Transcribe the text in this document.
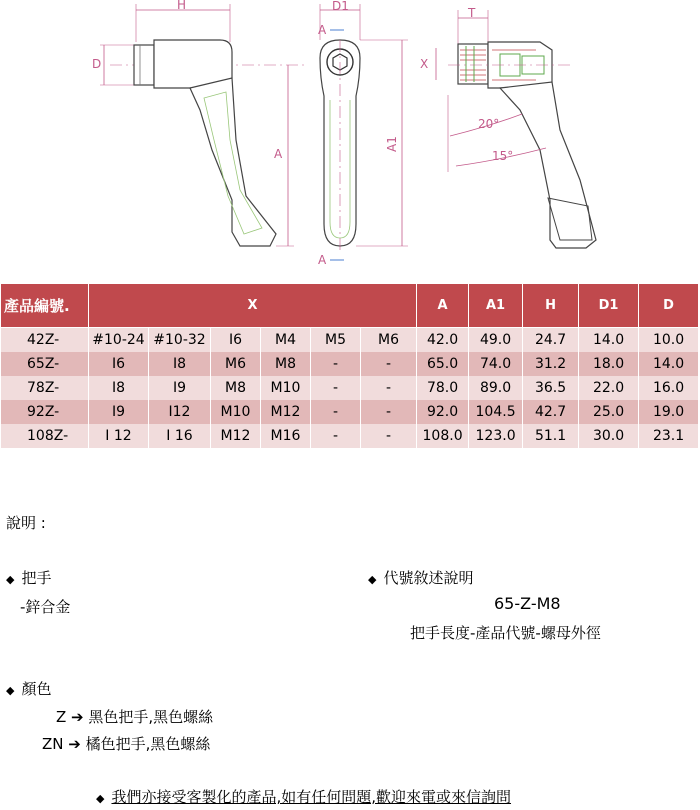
H
D
A
D1
A
A
A1
T
X
20°
15°
產品編號.	X						A	A1	H	D1	D
42Z-	#10-24	#10-32	I6	M4	M5	M6	42.0	49.0	24.7	14.0	10.0
65Z-	I6	I8	M6	M8	-	-	65.0	74.0	31.2	18.0	14.0
78Z-	I8	I9	M8	M10	-	-	78.0	89.0	36.5	22.0	16.0
92Z-	I9	I12	M10	M12	-	-	92.0	104.5	42.7	25.0	19.0
108Z-	I 12	I 16	M12	M16	-	-	108.0	123.0	51.1	30.0	23.1
說明 :
◆ 把手
-鋅合金
◆ 代號敘述說明
65-Z-M8
把手長度-產品代號-螺母外徑
◆ 顏色
Z ➔ 黑色把手,黑色螺絲
ZN ➔ 橘色把手,黑色螺絲
◆ 我們亦接受客製化的產品,如有任何問題,歡迎來電或來信詢問
